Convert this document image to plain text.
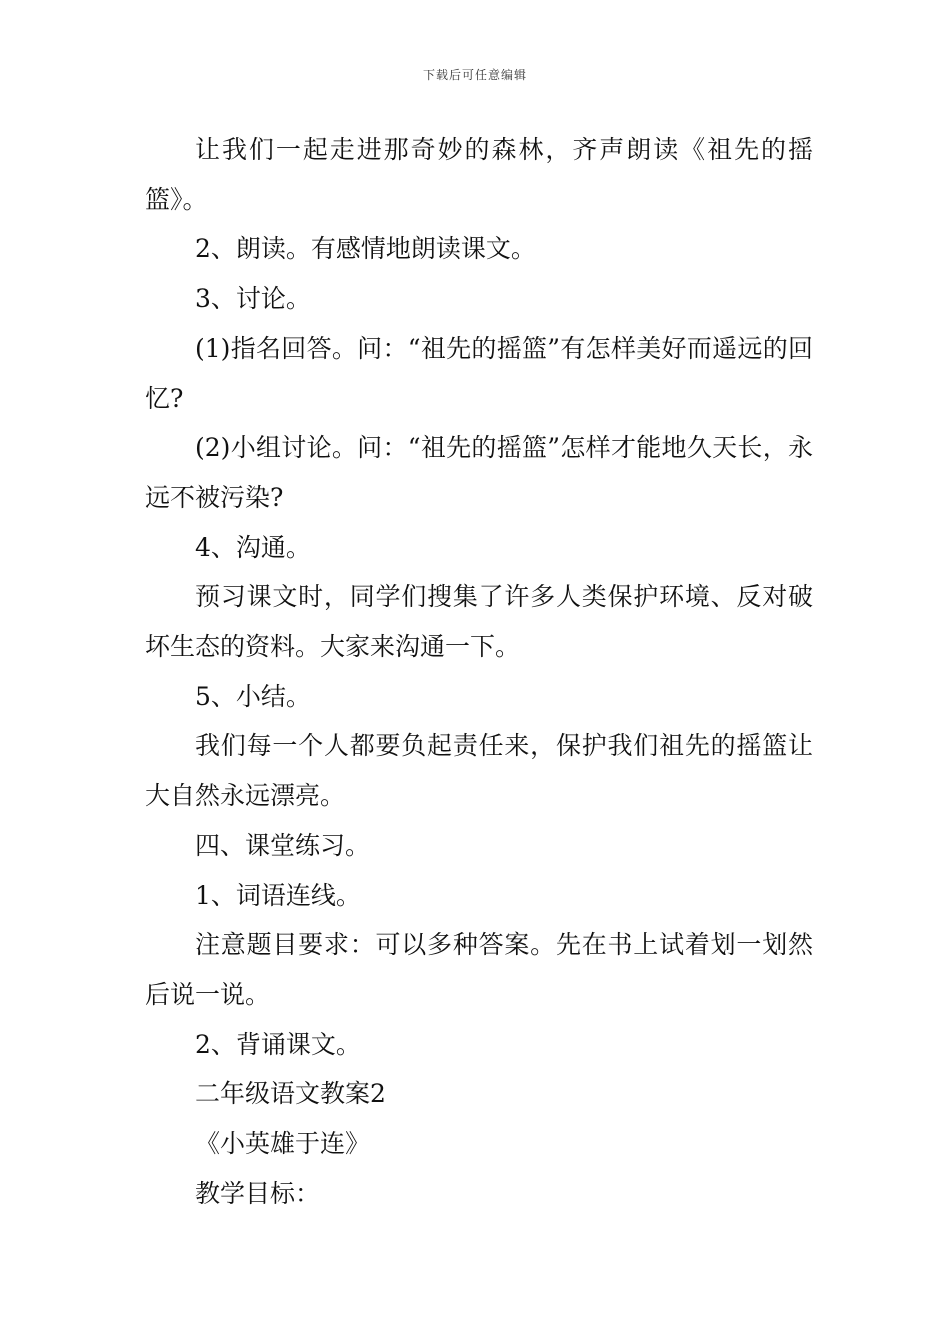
下载后可任意编辑

让我们一起走进那奇妙的森林，齐声朗读《祖先的摇篮》。

2、朗读。有感情地朗读课文。

3、讨论。

(1)指名回答。问：“祖先的摇篮”有怎样美好而遥远的回忆?

(2)小组讨论。问：“祖先的摇篮”怎样才能地久天长，永远不被污染?

4、沟通。

预习课文时，同学们搜集了许多人类保护环境、反对破坏生态的资料。大家来沟通一下。

5、小结。

我们每一个人都要负起责任来，保护我们祖先的摇篮让大自然永远漂亮。

四、课堂练习。

1、词语连线。

注意题目要求：可以多种答案。先在书上试着划一划然后说一说。

2、背诵课文。

二年级语文教案2

《小英雄于连》

教学目标：
